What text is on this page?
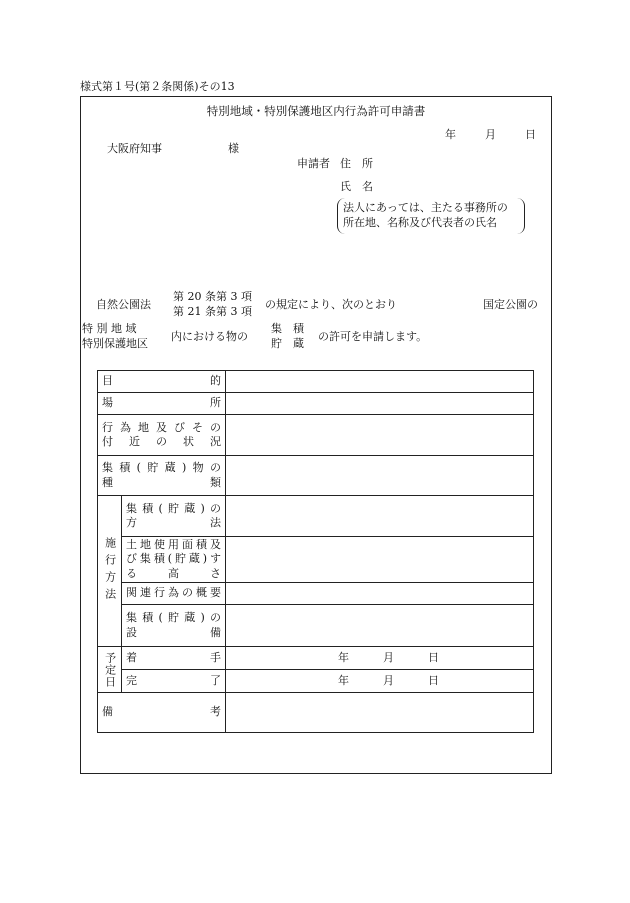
様式第１号(第２条関係)その13
特別地域・特別保護地区内行為許可申請書
年	月	日
大阪府知事	様
申請者 住　所
氏　名
法人にあっては、主たる事務所の
所在地、名称及び代表者の氏名
自然公園法
第 20 条第 3 項
第 21 条第 3 項
の規定により、次のとおり	国定公園の
特 別 地 域
特別保護地区
内における物の
集　積
貯　蔵
の許可を申請します。
目　　　　　的		

場　　　　　所		

行為地及びその
付近の状況		

集積(貯蔵)物の
種　　　　　類		

施行方法	集積(貯蔵)の
方　　　　法	

	土地使用面積及
び集積(貯蔵)す
る　　高　　さ	

	関連行為の概要	

	集積(貯蔵)の
設　　　　備	

予定日	着　　　　手	年 月 日

	完　　　　了	年 月 日

備　　　　　考		
